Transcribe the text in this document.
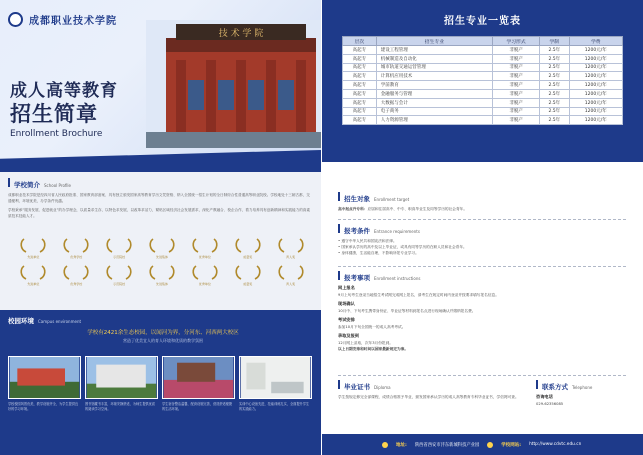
技 术 学 院
成都职业技术学院
成人高等教育
招生简章
Enrollment Brochure
学校简介 School Profile

成都职业技术学院是经四川省人民政府批准、国家教育部备案、具有独立颁发国家高等教育学历文凭资格、纳入全国统一招生计划的全日制综合性普通高等职业院校。学校地处十三朝古都，交通便利，环境优美，办学条件优越。

学校秉承“服务发展、促进就业”的办学理念，以质量求生存，以特色求发展，以改革求活力，紧贴区域经济社会发展需求，深化产教融合、校企合作，着力培养具有创新精神和实践能力的高素质技术技能人才。

先进单位	优秀学校	示范院校	先进集体	优秀单位	质量奖	育人奖
先进单位	优秀学校	示范院校	先进集体	优秀单位	质量奖	育人奖
校园环境 Campus environment
学校有2421余生态校园，以闻河为界，分河东、河西两大校区
营造了优美宜人的育人环境和优质的教学氛围
学校校园风景优美，教学设施齐全，为学生提供良好的学习环境。
图书馆藏书丰富，环境安静舒适，为师生提供优质的阅读学习空间。
学生宿舍整洁温馨，配套设施完善，营造舒适便捷的生活环境。
实训中心设备先进，技能训练扎实，全面提升学生的实践能力。
招生专业一览表
层次	招生专业	学习形式	学制	学费
高起专	建设工程管理	非脱产	2.5年	1200元/年
高起专	机械制造及自动化	非脱产	2.5年	1200元/年
高起专	城市轨道交通运营管理	非脱产	2.5年	1200元/年
高起专	计算机应用技术	非脱产	2.5年	1200元/年
高起专	学前教育	非脱产	2.5年	1200元/年
高起专	金融服务与管理	非脱产	2.5年	1200元/年
高起专	大数据与会计	非脱产	2.5年	1200元/年
高起专	电子商务	非脱产	2.5年	1200元/年
高起专	人力资源管理	非脱产	2.5年	1200元/年
招生对象 Enrollment target
高中起点升专科：应届和往届高中、中专、职高毕业生及同等学历的社会青年。
报考条件 Entrance requirements
• 遵守中华人民共和国宪法和法律。
• 国家承认学历的高中及以上毕业证，或具有同等学历的在职人员和社会青年。
• 身体健康，生活能自理，不影响所报专业学习。
报考事项 Enrollment instructions
网上报名
9月上旬考生登录当地招生考试网完成网上报名，请考生在规定时间内登录并按要求填写报名信息。
现场确认
10月中、下旬考生携带身份证、毕业证等材料到报名点进行现场确认并缴纳报名费。
考试安排
参加10月下旬全国统一的成人高考考试。
录取及报到
12月网上录取，次年3月份报到。
以上日期安排和时间以国家最新规定为准。
毕业证书 Diploma
学生按规定修完全部课程，成绩合格准予毕业，颁发国家承认学历的成人高等教育专科毕业证书，学信网可查。
联系方式 Telephone
咨询电话
029-62356085
地址: 陕西省西安市沣东新城科技产业园	学校网站: http://www.cdvtc.edu.cn
